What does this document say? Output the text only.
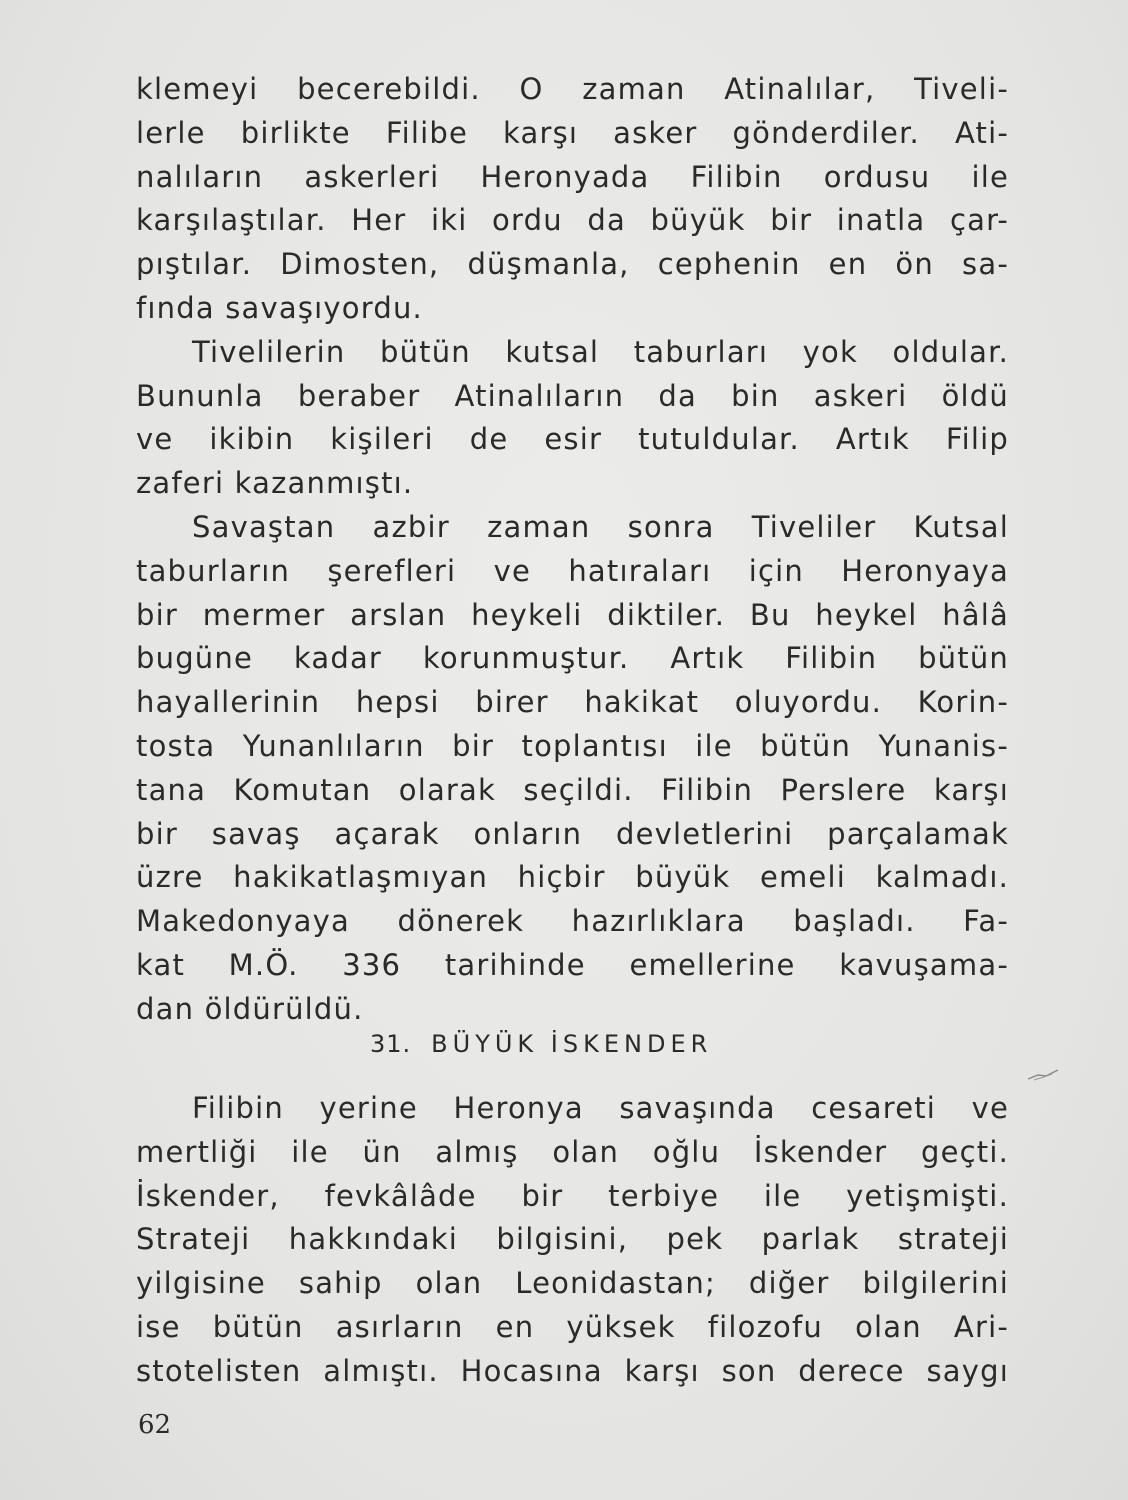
klemeyi becerebildi. O zaman Atinalılar, Tiveli-
lerle birlikte Filibe karşı asker gönderdiler. Ati-
nalıların askerleri Heronyada Filibin ordusu ile
karşılaştılar. Her iki ordu da büyük bir inatla çar-
pıştılar. Dimosten, düşmanla, cephenin en ön sa-
fında savaşıyordu.
Tivelilerin bütün kutsal taburları yok oldular.
Bununla beraber Atinalıların da bin askeri öldü
ve ikibin kişileri de esir tutuldular. Artık Filip
zaferi kazanmıştı.
Savaştan azbir zaman sonra Tiveliler Kutsal
taburların şerefleri ve hatıraları için Heronyaya
bir mermer arslan heykeli diktiler. Bu heykel hâlâ
bugüne kadar korunmuştur. Artık Filibin bütün
hayallerinin hepsi birer hakikat oluyordu. Korin-
tosta Yunanlıların bir toplantısı ile bütün Yunanis-
tana Komutan olarak seçildi. Filibin Perslere karşı
bir savaş açarak onların devletlerini parçalamak
üzre hakikatlaşmıyan hiçbir büyük emeli kalmadı.
Makedonyaya dönerek hazırlıklara başladı. Fa-
kat M.Ö. 336 tarihinde emellerine kavuşama-
dan öldürüldü.
31. BÜYÜK İSKENDER
Filibin yerine Heronya savaşında cesareti ve
mertliği ile ün almış olan oğlu İskender geçti.
İskender, fevkâlâde bir terbiye ile yetişmişti.
Strateji hakkındaki bilgisini, pek parlak strateji
yilgisine sahip olan Leonidastan; diğer bilgilerini
ise bütün asırların en yüksek filozofu olan Ari-
stotelisten almıştı. Hocasına karşı son derece saygı
62
